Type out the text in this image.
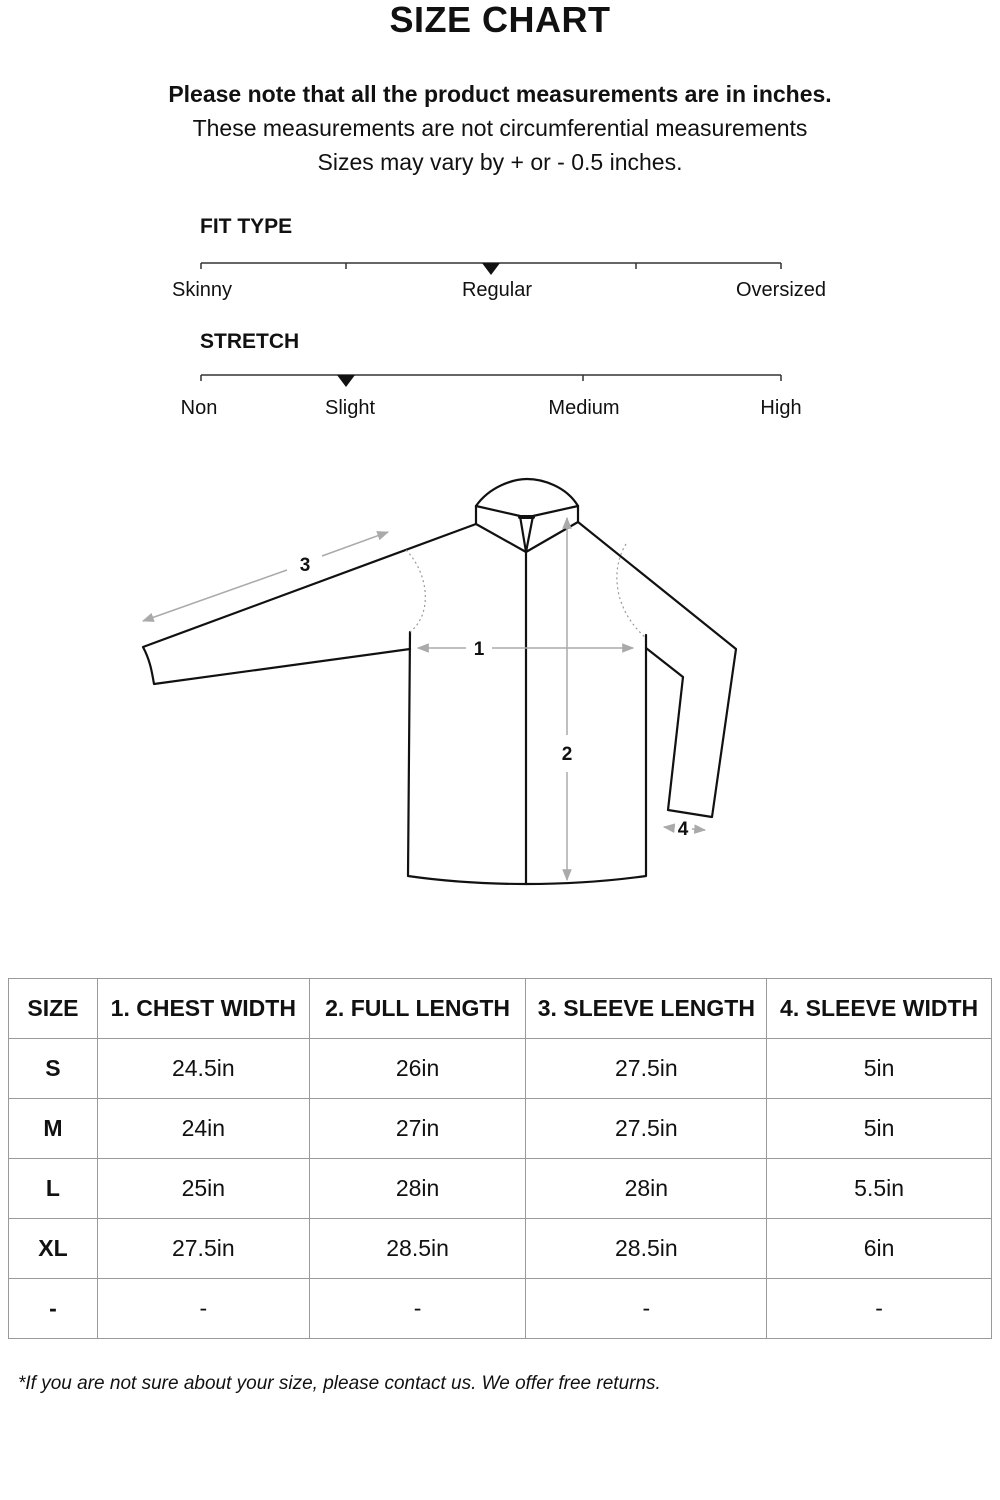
SIZE CHART
Please note that all the product measurements are in inches.
These measurements are not circumferential measurements
Sizes may vary by + or - 0.5 inches.
FIT TYPE
Skinny	Regular	Oversized
STRETCH
Non	Slight	Medium	High
1
2
3
4
SIZE	1. CHEST WIDTH	2. FULL LENGTH	3. SLEEVE LENGTH	4. SLEEVE WIDTH
S	24.5in	26in	27.5in	5in
M	24in	27in	27.5in	5in
L	25in	28in	28in	5.5in
XL	27.5in	28.5in	28.5in	6in
-	-	-	-	-
*If you are not sure about your size, please contact us. We offer free returns.
